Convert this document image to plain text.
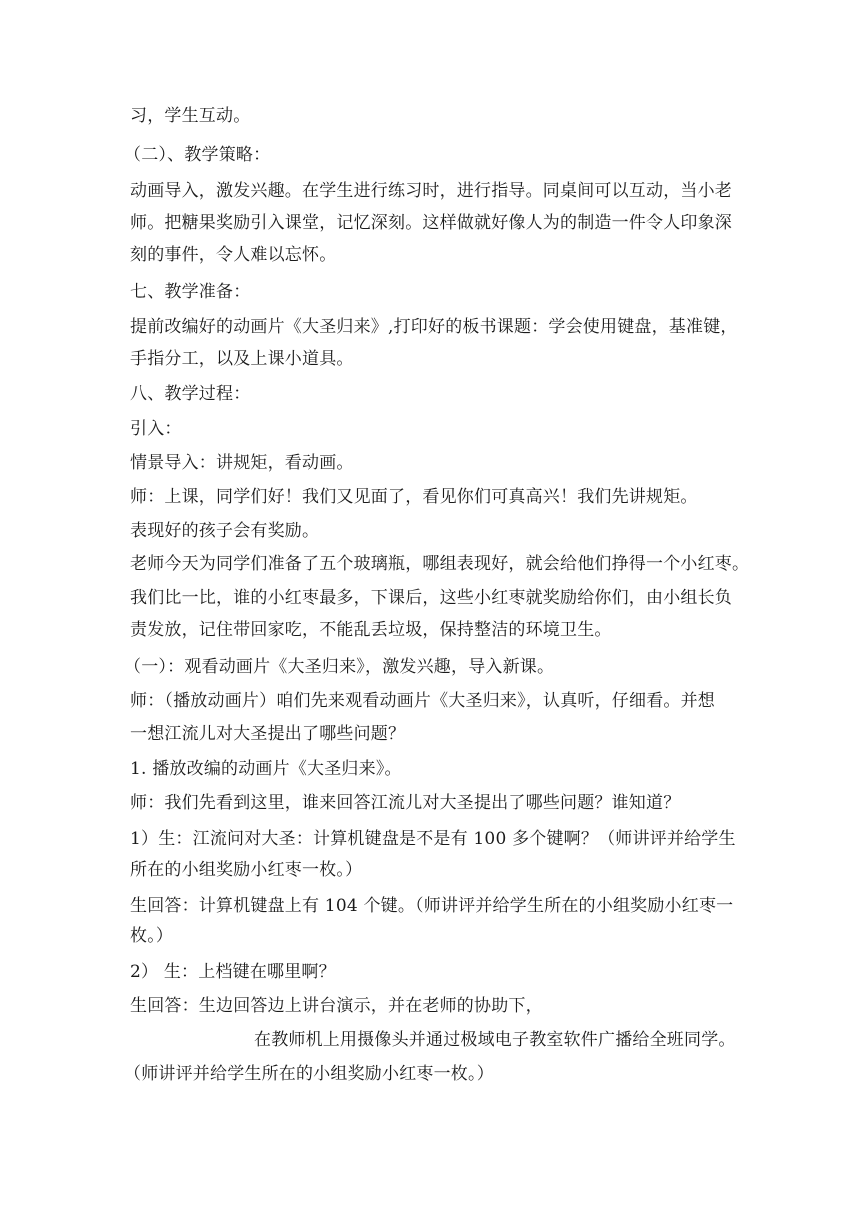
习，学生互动。
（二）、教学策略：
动画导入，激发兴趣。在学生进行练习时，进行指导。同桌间可以互动，当小老
师。把糖果奖励引入课堂，记忆深刻。这样做就好像人为的制造一件令人印象深
刻的事件，令人难以忘怀。
七、教学准备：
提前改编好的动画片《大圣归来》,打印好的板书课题：学会使用键盘，基准键，
手指分工，以及上课小道具。
八、教学过程：
引入：
情景导入：讲规矩，看动画。
师：上课，同学们好！我们又见面了，看见你们可真高兴！我们先讲规矩。
表现好的孩子会有奖励。
老师今天为同学们准备了五个玻璃瓶，哪组表现好，就会给他们挣得一个小红枣。
我们比一比，谁的小红枣最多，下课后，这些小红枣就奖励给你们，由小组长负
责发放，记住带回家吃，不能乱丢垃圾，保持整洁的环境卫生。
（一）：观看动画片《大圣归来》，激发兴趣，导入新课。
师：（播放动画片）咱们先来观看动画片《大圣归来》，认真听，仔细看。并想
一想江流儿对大圣提出了哪些问题？
1. 播放改编的动画片《大圣归来》。
师：我们先看到这里，谁来回答江流儿对大圣提出了哪些问题？谁知道？
1）生：江流问对大圣：计算机键盘是不是有 100 多个键啊？（师讲评并给学生
所在的小组奖励小红枣一枚。）
生回答：计算机键盘上有 104 个键。（师讲评并给学生所在的小组奖励小红枣一
枚。）
2） 生：上档键在哪里啊？
生回答：生边回答边上讲台演示，并在老师的协助下，
在教师机上用摄像头并通过极域电子教室软件广播给全班同学。
（师讲评并给学生所在的小组奖励小红枣一枚。）
